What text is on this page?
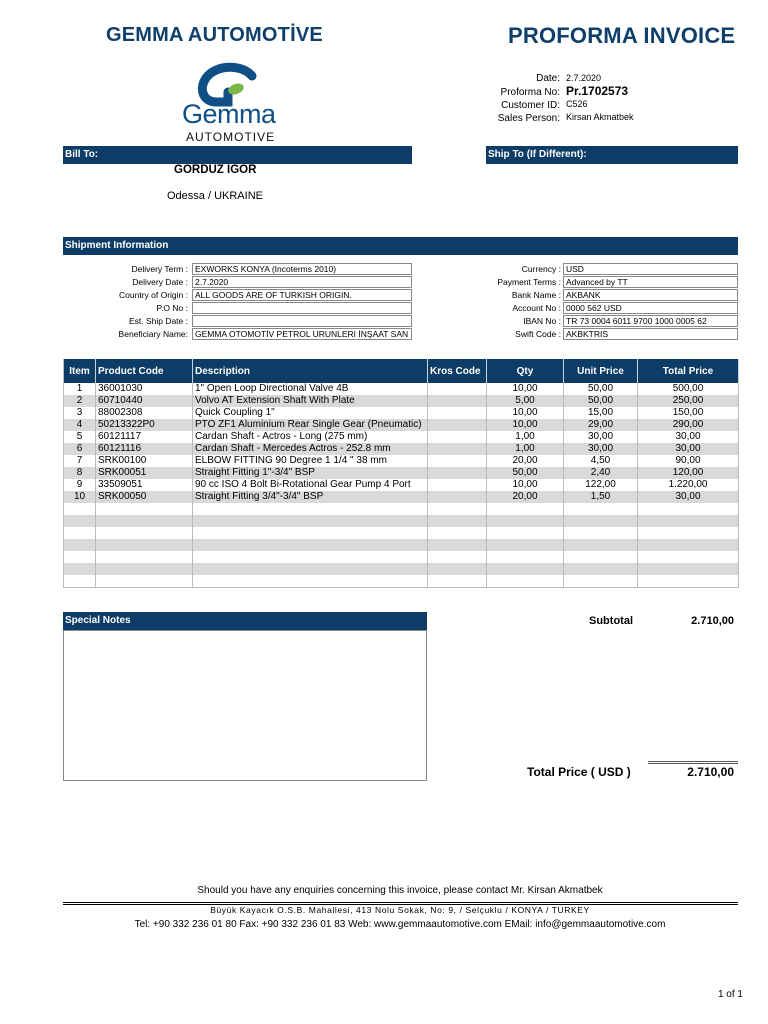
GEMMA AUTOMOTİVE	PROFORMA INVOICE
Gemma
AUTOMOTIVE
Date: 2.7.2020
Proforma No: Pr.1702573
Customer ID: C526
Sales Person: Kirsan Akmatbek
Bill To:	Ship To (If Different):
GORDUZ IGOR
Odessa / UKRAINE
Shipment Information
Delivery Term : EXWORKS KONYA (Incoterms 2010)
Delivery Date : 2.7.2020
Country of Origin : ALL GOODS ARE OF TURKISH ORIGIN.
P.O No :
Est. Ship Date :
Beneficiary Name: GEMMA OTOMOTİV PETROL URUNLERI İNŞAAT SAN
Currency : USD
Payment Terms : Advanced by TT
Bank Name : AKBANK
Account No : 0000 562 USD
IBAN No : TR 73 0004 6011 9700 1000 0005 62
Swift Code : AKBKTRIS
Item	Product Code	Description	Kros Code	Qty	Unit Price	Total Price
1	36001030	1" Open Loop Directional Valve 4B		10,00	50,00	500,00
2	60710440	Volvo AT Extension Shaft With Plate		5,00	50,00	250,00
3	88002308	Quick Coupling 1"		10,00	15,00	150,00
4	50213322P0	PTO ZF1 Aluminium Rear Single Gear (Pneumatic)		10,00	29,00	290,00
5	60121117	Cardan Shaft - Actros - Long (275 mm)		1,00	30,00	30,00
6	60121116	Cardan Shaft - Mercedes Actros - 252.8 mm		1,00	30,00	30,00
7	SRK00100	ELBOW FITTING 90 Degree 1 1/4 " 38 mm		20,00	4,50	90,00
8	SRK00051	Straight Fitting 1"-3/4" BSP		50,00	2,40	120,00
9	33509051	90 cc ISO 4 Bolt Bi-Rotational Gear Pump 4 Port		10,00	122,00	1.220,00
10	SRK00050	Straight Fitting 3/4"-3/4" BSP		20,00	1,50	30,00

Special Notes	Subtotal	2.710,00
Total Price ( USD )	2.710,00
Should you have any enquiries concerning this invoice, please contact Mr. Kirsan Akmatbek
Büyük Kayacık O.S.B. Mahallesi, 413 Nolu Sokak, No: 9, / Selçuklu / KONYA / TURKEY
Tel: +90 332 236 01 80 Fax: +90 332 236 01 83 Web: www.gemmaautomotive.com EMail: info@gemmaautomotive.com
1 of 1
